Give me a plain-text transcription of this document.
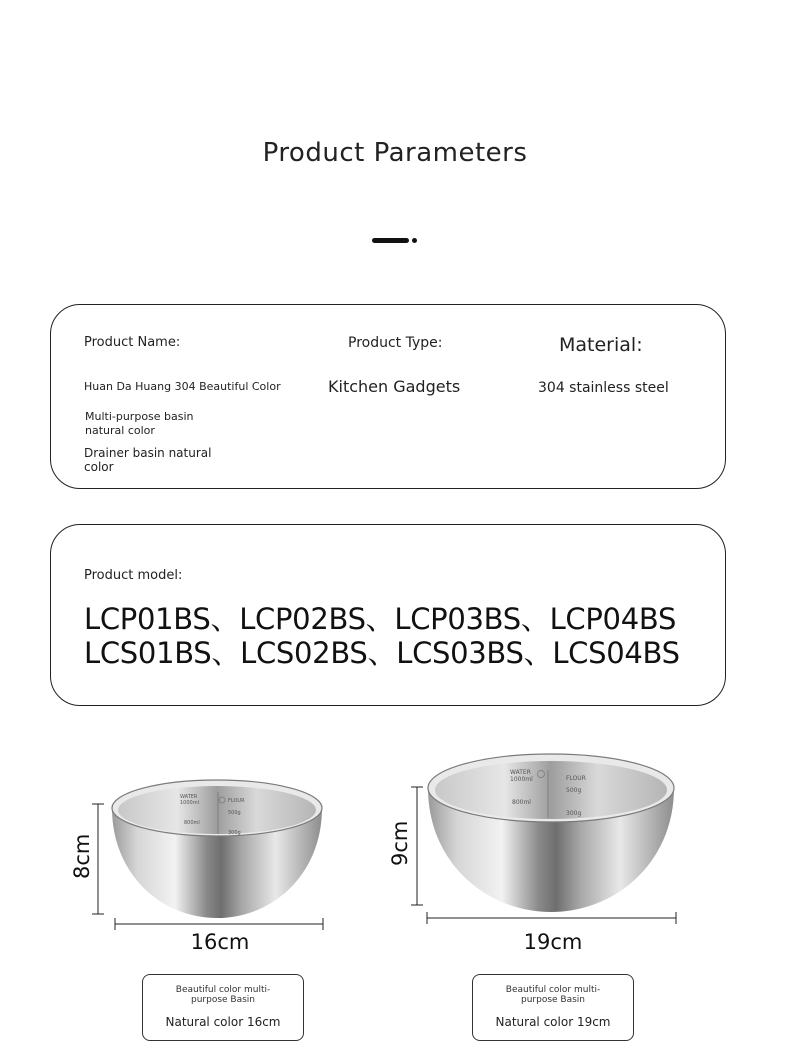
Product Parameters
Product Name:
Huan Da Huang 304 Beautiful Color
Multi-purpose basin natural color
Drainer basin natural color
Product Type:
Kitchen Gadgets
Material:
304 stainless steel
Product model:
LCP01BS、LCP02BS、LCP03BS、LCP04BS
LCS01BS、LCS02BS、LCS03BS、LCS04BS
WATER
1000ml	FLOUR
500g
800ml
300g
8cm
16cm
WATER
1000ml	FLOUR
500g
800ml
300g
9cm
19cm
Beautiful color multi-purpose Basin
Natural color 16cm
Beautiful color multi-purpose Basin
Natural color 19cm
